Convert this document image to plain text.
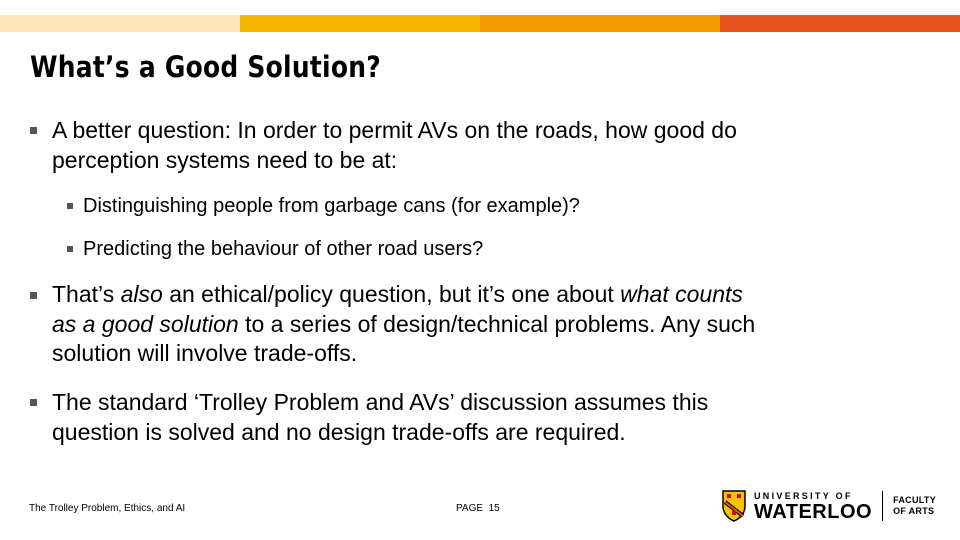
What’s a Good Solution?
A better question: In order to permit AVs on the roads, how good do
perception systems need to be at:
Distinguishing people from garbage cans (for example)?
Predicting the behaviour of other road users?
That’s also an ethical/policy question, but it’s one about what counts
as a good solution to a series of design/technical problems. Any such
solution will involve trade-offs.
The standard ‘Trolley Problem and AVs’ discussion assumes this
question is solved and no design trade-offs are required.
The Trolley Problem, Ethics, and AI	PAGE 15
UNIVERSITY OF
WATERLOO
FACULTY
OF ARTS
